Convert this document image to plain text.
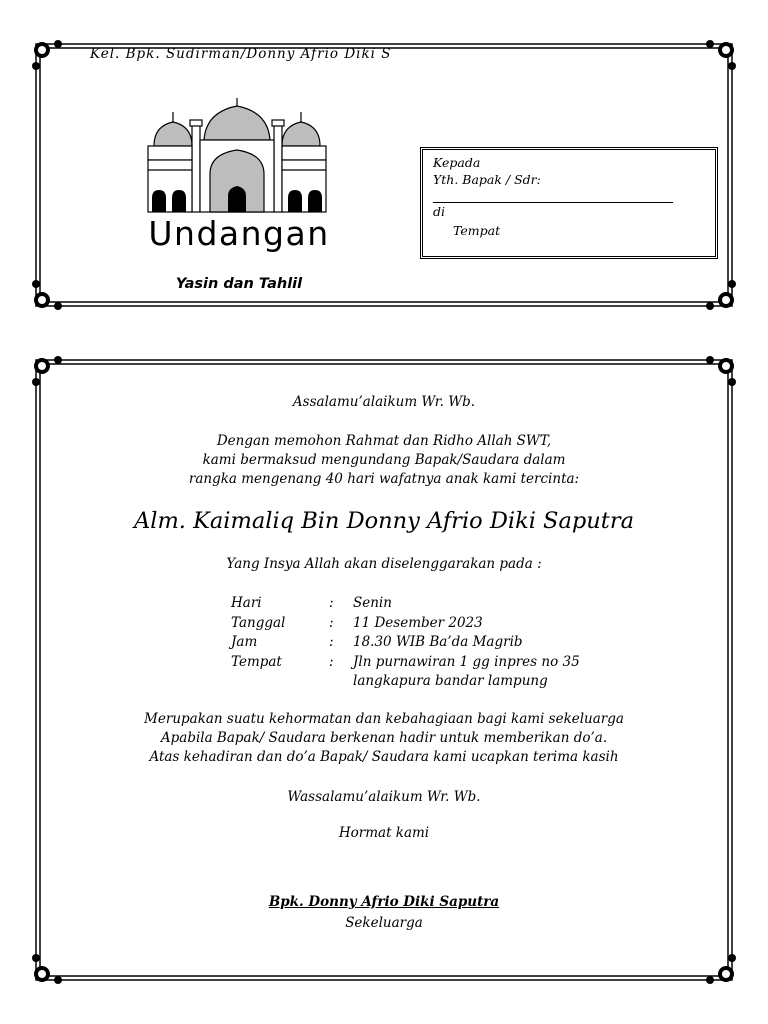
Kel. Bpk. Sudirman/Donny Afrio Diki S
Undangan
Yasin dan Tahlil
Kepada
Yth. Bapak / Sdr:
di
Tempat
Assalamu’alaikum Wr. Wb.
Dengan memohon Rahmat dan Ridho Allah SWT,
kami bermaksud mengundang Bapak/Saudara dalam
rangka mengenang 40 hari wafatnya anak kami tercinta:
Alm. Kaimaliq Bin Donny Afrio Diki Saputra
Yang Insya Allah akan diselenggarakan pada :
Hari	:	Senin
Tanggal	:	11 Desember 2023
Jam	:	18.30 WIB Ba’da Magrib
Tempat	:	Jln purnawiran 1 gg inpres no 35
langkapura bandar lampung
Merupakan suatu kehormatan dan kebahagiaan bagi kami sekeluarga
Apabila Bapak/ Saudara berkenan hadir untuk memberikan do’a.
Atas kehadiran dan do’a Bapak/ Saudara kami ucapkan terima kasih
Wassalamu’alaikum Wr. Wb.
Hormat kami
Bpk. Donny Afrio Diki Saputra
Sekeluarga
